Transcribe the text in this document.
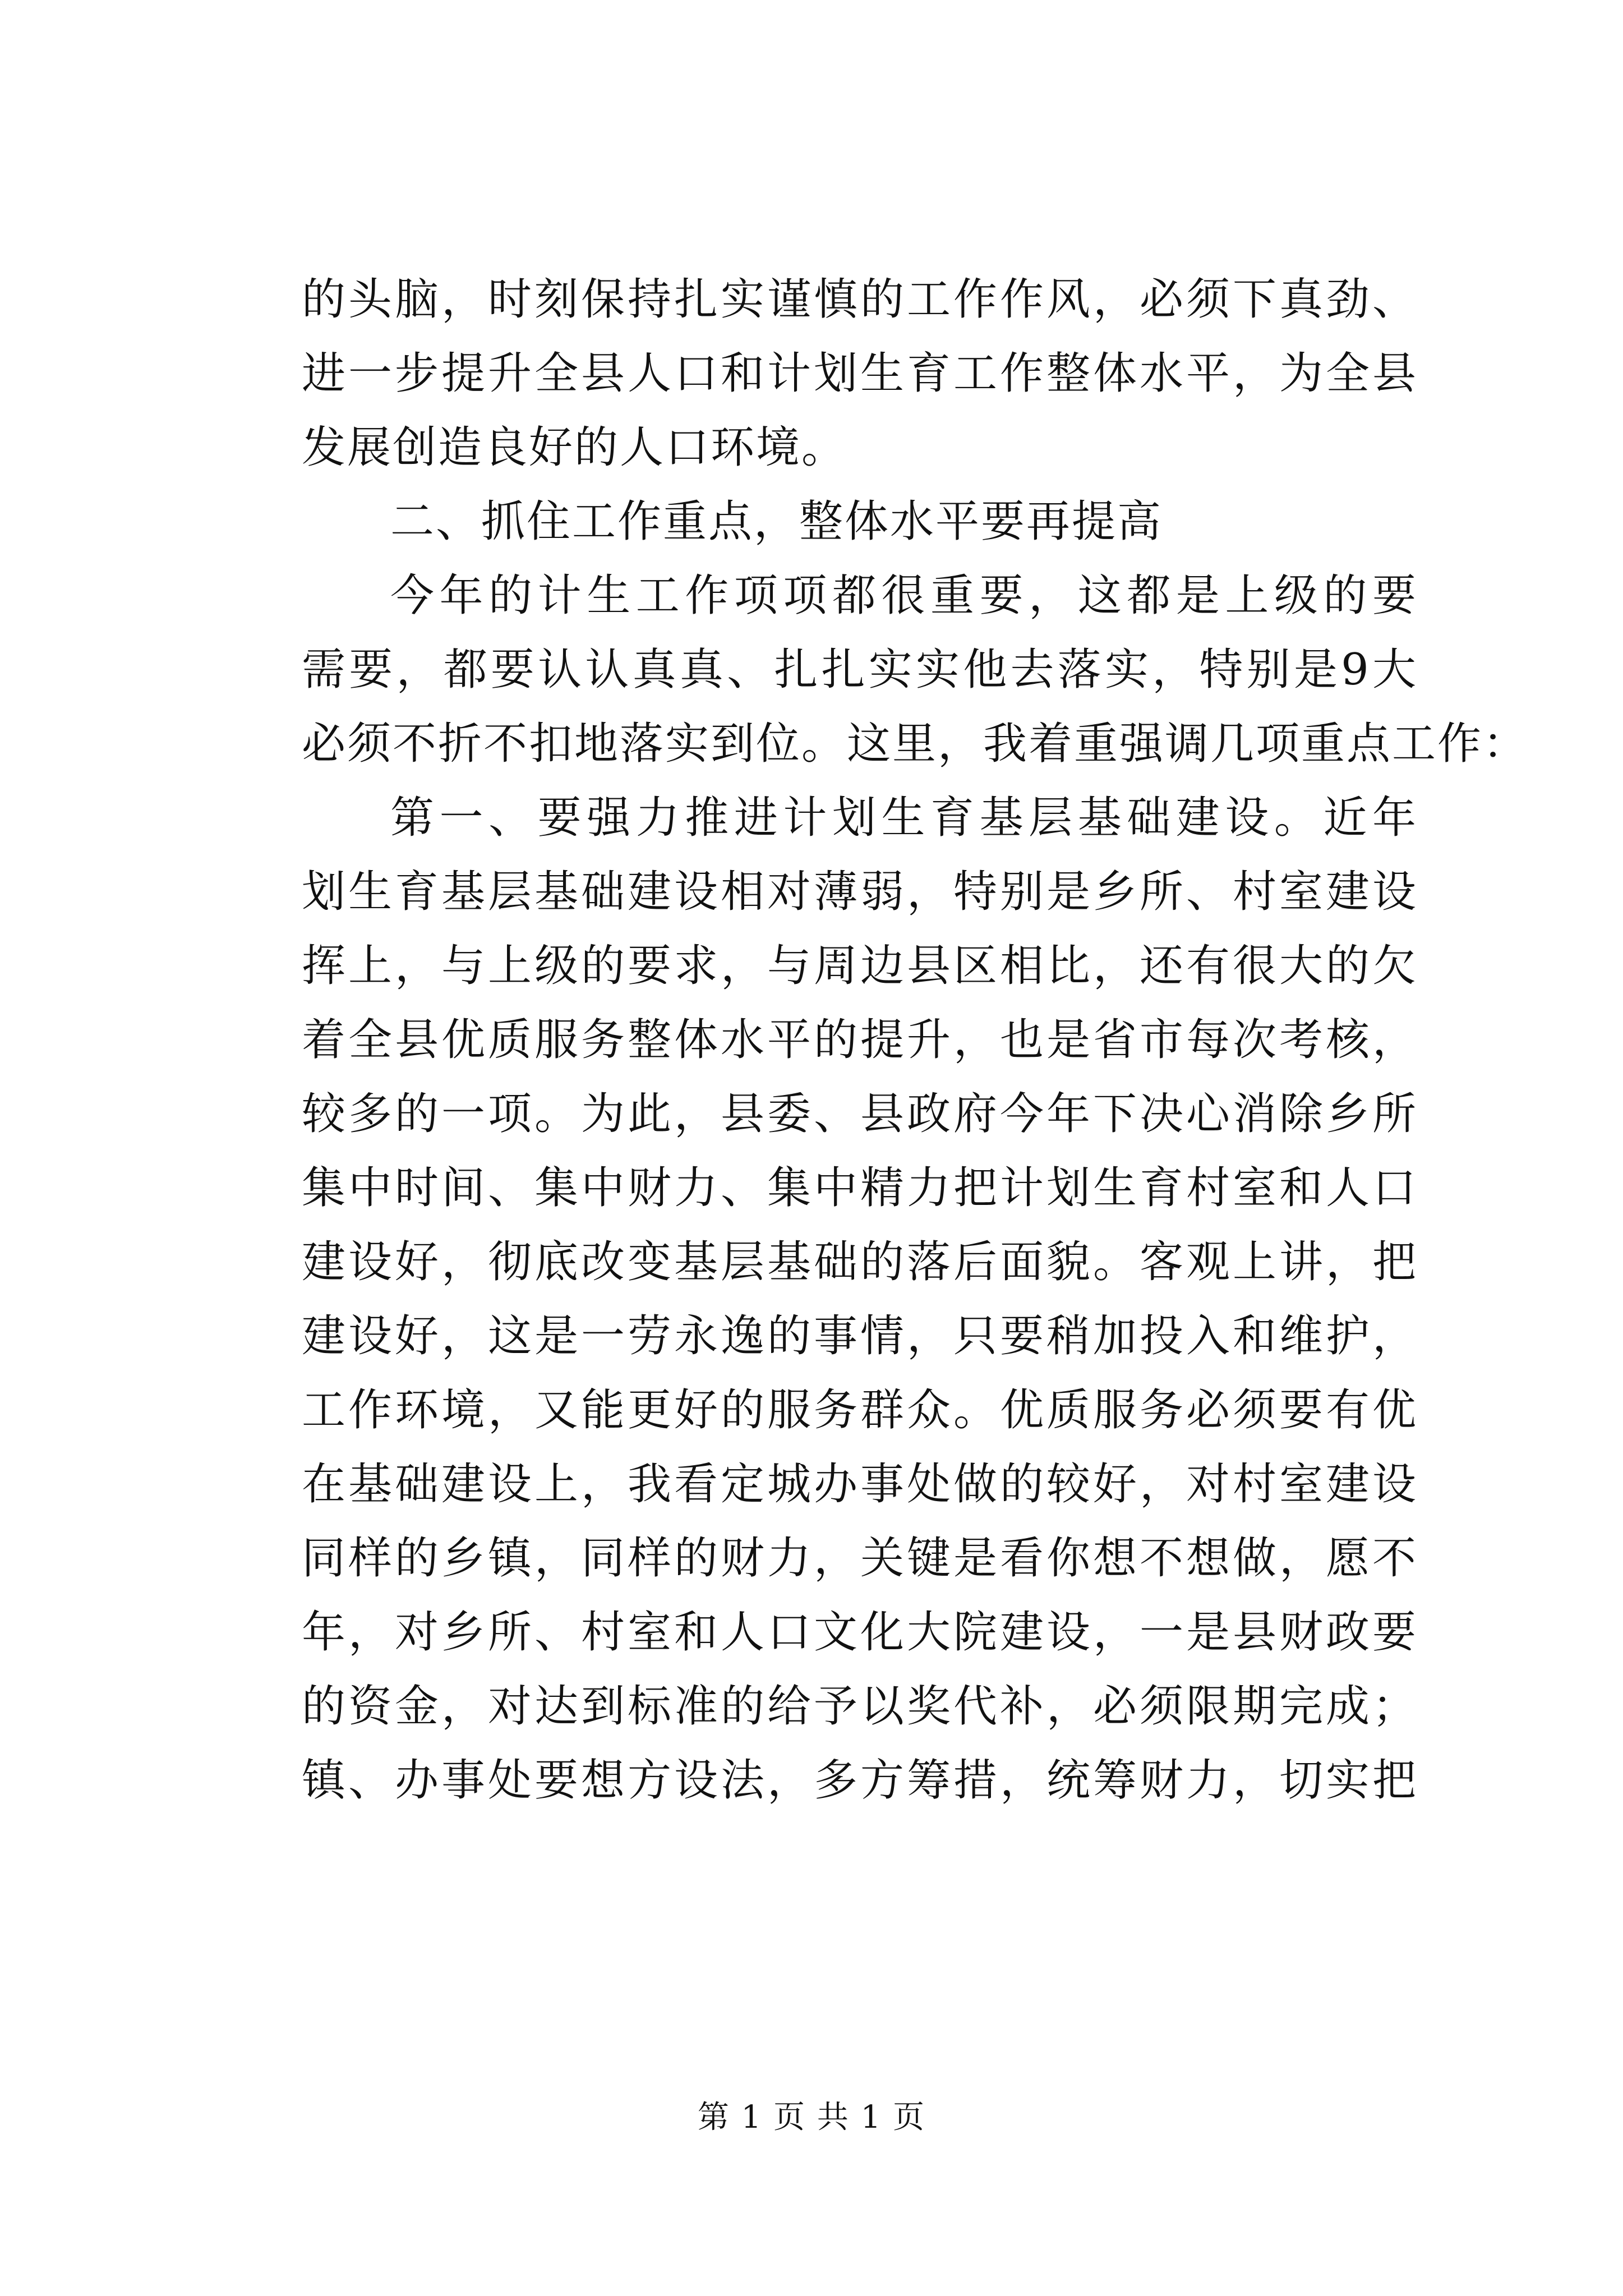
的头脑，时刻保持扎实谨慎的工作作风，必须下真劲、
进一步提升全县人口和计划生育工作整体水平，为全县
发展创造良好的人口环境。
二、抓住工作重点，整体水平要再提高
今年的计生工作项项都很重要，这都是上级的要
需要，都要认认真真、扎扎实实他去落实，特别是9大
必须不折不扣地落实到位。这里，我着重强调几项重点工作：
第一、要强力推进计划生育基层基础建设。近年
划生育基层基础建设相对薄弱，特别是乡所、村室建设
挥上，与上级的要求，与周边县区相比，还有很大的欠
着全县优质服务整体水平的提升，也是省市每次考核，
较多的一项。为此，县委、县政府今年下决心消除乡所
集中时间、集中财力、集中精力把计划生育村室和人口
建设好，彻底改变基层基础的落后面貌。客观上讲，把
建设好，这是一劳永逸的事情，只要稍加投入和维护，
工作环境，又能更好的服务群众。优质服务必须要有优
在基础建设上，我看定城办事处做的较好，对村室建设
同样的乡镇，同样的财力，关键是看你想不想做，愿不
年，对乡所、村室和人口文化大院建设，一是县财政要
的资金，对达到标准的给予以奖代补，必须限期完成；
镇、办事处要想方设法，多方筹措，统筹财力，切实把
第 1 页 共 1 页
